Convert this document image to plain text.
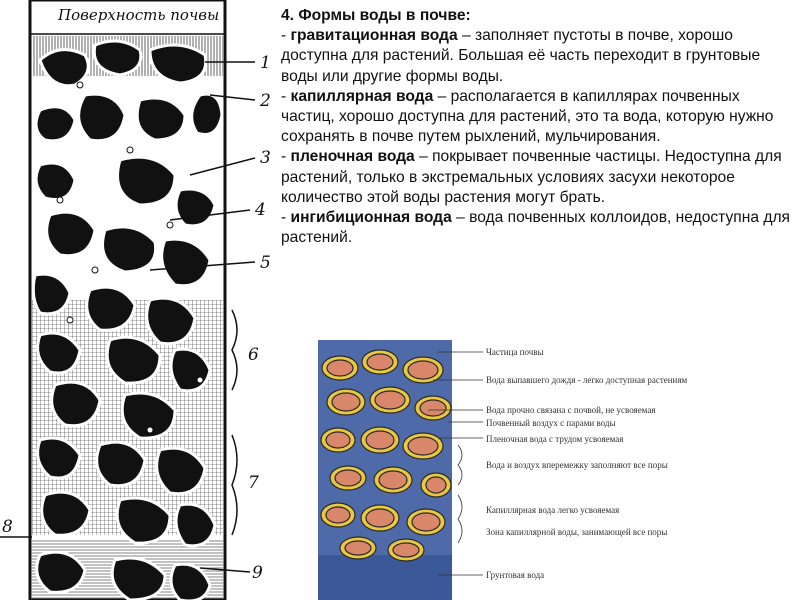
Поверхность почвы
1
2
3
4
5
6
7
8
9
Частица почвы
Вода выпавшего дождя - легко доступная растениям
Вода прочно связана с почвой, не усвояемая
Почвенный воздух с парами воды
Пленочная вода с трудом усвояемая
Вода и воздух вперемежку заполняют все поры
Капиллярная вода легко усвояемая
Зона капиллярной воды, занимающей все поры
Грунтовая вода

4. Формы воды в почве:

- гравитационная вода – заполняет пустоты в почве, хорошо доступна для растений. Большая её часть переходит в грунтовые воды или другие формы воды.

- капиллярная вода – располагается в капиллярах почвенных частиц, хорошо доступна для растений, это та вода, которую нужно сохранять в почве путем рыхлений, мульчирования.

- пленочная вода – покрывает почвенные частицы. Недоступна для растений, только в экстремальных условиях засухи некоторое количество этой воды растения могут брать.

- ингибиционная вода – вода почвенных коллоидов, недоступна для растений.
